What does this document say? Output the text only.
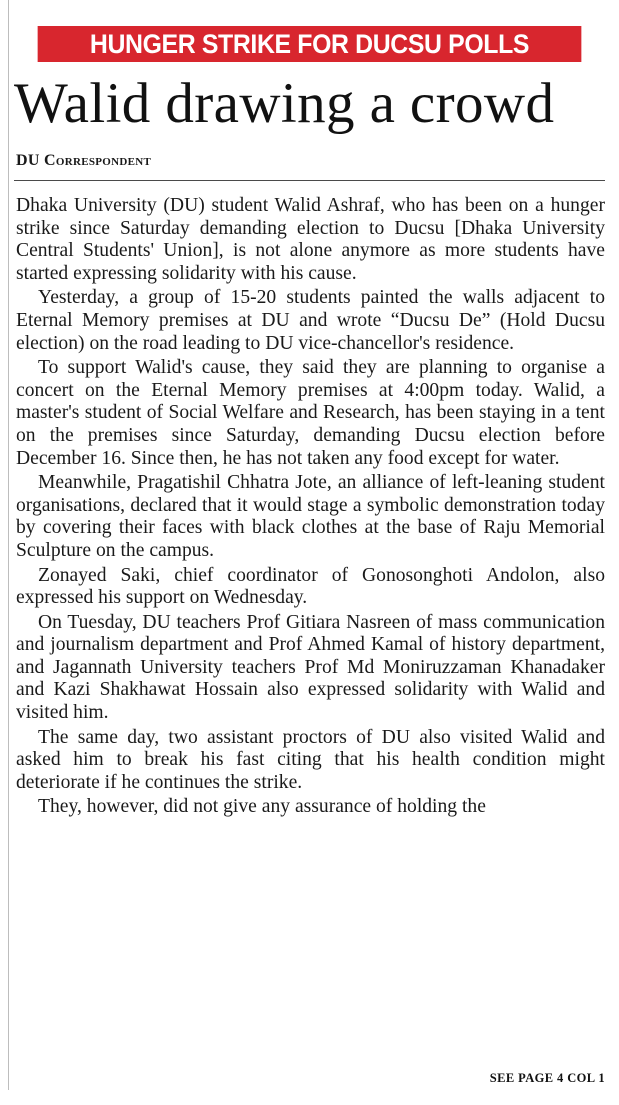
HUNGER STRIKE FOR DUCSU POLLS
Walid drawing a crowd
DU Correspondent

Dhaka University (DU) student Walid Ashraf, who has been on a hunger strike since Saturday demanding election to Ducsu [Dhaka University Central Students' Union], is not alone anymore as more students have started expressing solidarity with his cause.

Yesterday, a group of 15-20 students painted the walls adjacent to Eternal Memory premises at DU and wrote “Ducsu De” (Hold Ducsu election) on the road leading to DU vice-chancellor's residence.

To support Walid's cause, they said they are planning to organise a concert on the Eternal Memory premises at 4:00pm today. Walid, a master's student of Social Welfare and Research, has been staying in a tent on the premises since Saturday, demanding Ducsu election before December 16. Since then, he has not taken any food except for water.

Meanwhile, Pragatishil Chhatra Jote, an alliance of left-leaning student organisations, declared that it would stage a symbolic demonstration today by covering their faces with black clothes at the base of Raju Memorial Sculpture on the campus.

Zonayed Saki, chief coordinator of Gonosonghoti Andolon, also expressed his support on Wednesday.

On Tuesday, DU teachers Prof Gitiara Nasreen of mass communication and journalism department and Prof Ahmed Kamal of history department, and Jagannath University teachers Prof Md Moniruzzaman Khanadaker and Kazi Shakhawat Hossain also expressed solidarity with Walid and visited him.

The same day, two assistant proctors of DU also visited Walid and asked him to break his fast citing that his health condition might deteriorate if he continues the strike.

They, however, did not give any assurance of holding the

SEE PAGE 4 COL 1
